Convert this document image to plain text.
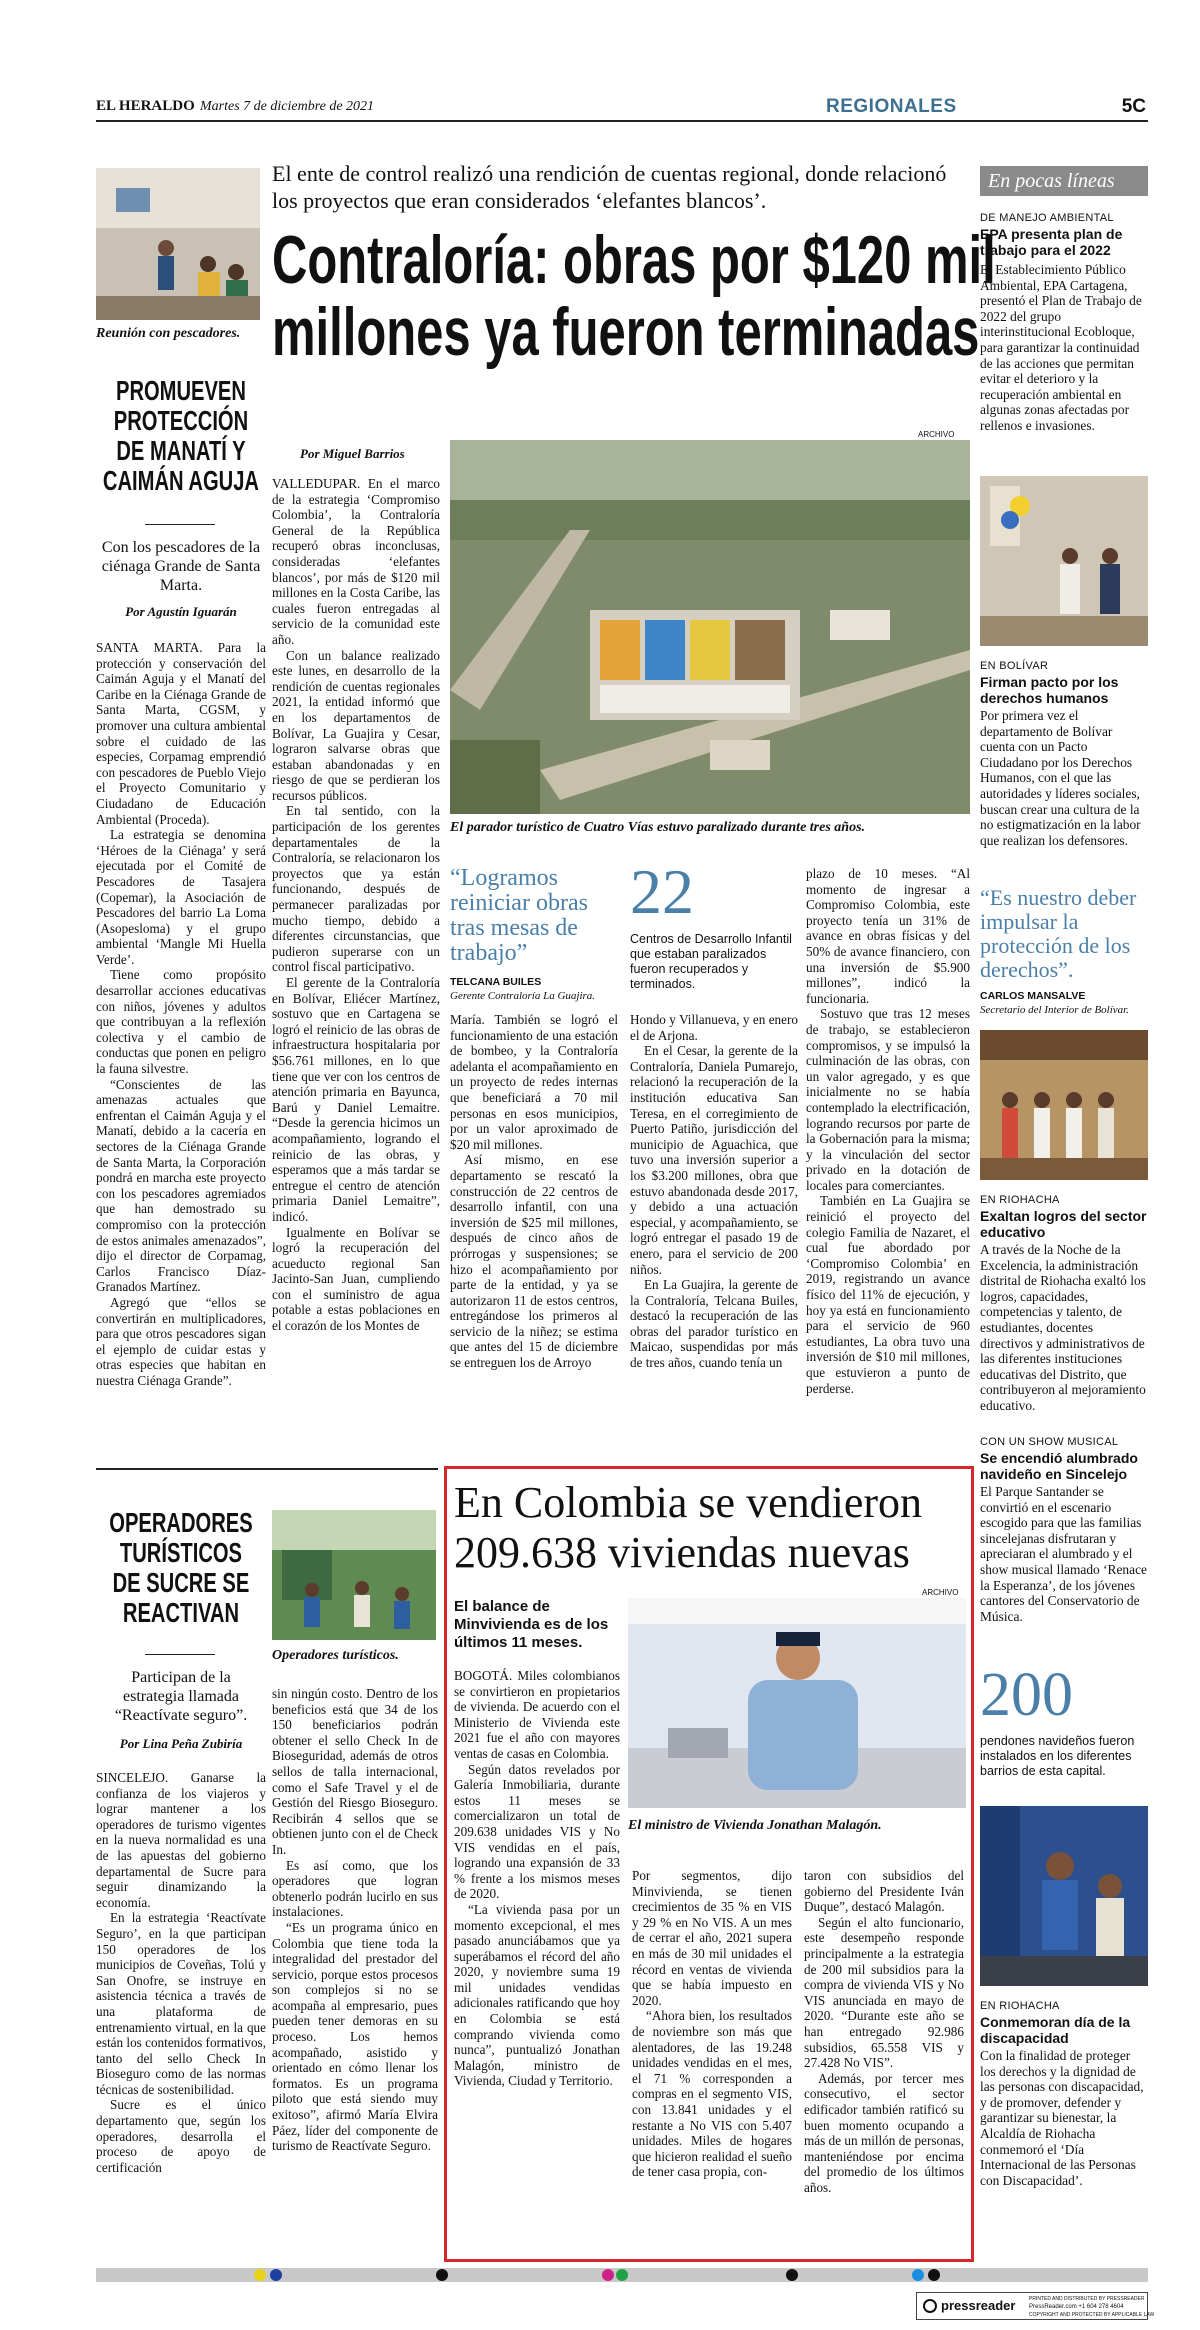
EL HERALDO Martes 7 de diciembre de 2021	REGIONALES	5C
Reunión con pescadores.
PROMUEVEN
PROTECCIÓN
DE MANATÍ Y
CAIMÁN AGUJA
Con los pescadores de la ciénaga Grande de Santa Marta.
Por Agustín Iguarán

SANTA MARTA. Para la protección y conservación del Caimán Aguja y el Manatí del Caribe en la Ciénaga Grande de Santa Marta, CGSM, y promover una cultura ambiental sobre el cuidado de las especies, Corpamag emprendió con pescadores de Pueblo Viejo el Proyecto Comunitario y Ciudadano de Educación Ambiental (Proceda).

La estrategia se denomina ‘Héroes de la Ciénaga’ y será ejecutada por el Comité de Pescadores de Tasajera (Copemar), la Asociación de Pescadores del barrio La Loma (Asopesloma) y el grupo ambiental ‘Mangle Mi Huella Verde’.

Tiene como propósito desarrollar acciones educativas con niños, jóvenes y adultos que contribuyan a la reflexión colectiva y el cambio de conductas que ponen en peligro la fauna silvestre.

“Conscientes de las amenazas actuales que enfrentan el Caimán Aguja y el Manatí, debido a la cacería en sectores de la Ciénaga Grande de Santa Marta, la Corporación pondrá en marcha este proyecto con los pescadores agremiados que han demostrado su compromiso con la protección de estos animales amenazados”, dijo el director de Corpamag, Carlos Francisco Díaz-Granados Martínez.

Agregó que “ellos se convertirán en multiplicadores, para que otros pescadores sigan el ejemplo de cuidar estas y otras especies que habitan en nuestra Ciénaga Grande”.

El ente de control realizó una rendición de cuentas regional, donde relacionó los proyectos que eran considerados ‘elefantes blancos’.
Contraloría: obras por $120 mil
millones ya fueron terminadas
ARCHIVO
Por Miguel Barrios
El parador turístico de Cuatro Vías estuvo paralizado durante tres años.

VALLEDUPAR. En el marco de la estrategia ‘Compromiso Colombia’, la Contraloría General de la República recuperó obras inconclusas, consideradas ‘elefantes blancos’, por más de $120 mil millones en la Costa Caribe, las cuales fueron entregadas al servicio de la comunidad este año.

Con un balance realizado este lunes, en desarrollo de la rendición de cuentas regionales 2021, la entidad informó que en los departamentos de Bolívar, La Guajira y Cesar, lograron salvarse obras que estaban abandonadas y en riesgo de que se perdieran los recursos públicos.

En tal sentido, con la participación de los gerentes departamentales de la Contraloría, se relacionaron los proyectos que ya están funcionando, después de permanecer paralizadas por mucho tiempo, debido a diferentes circunstancias, que pudieron superarse con un control fiscal participativo.

El gerente de la Contraloría en Bolívar, Eliécer Martínez, sostuvo que en Cartagena se logró el reinicio de las obras de infraestructura hospitalaria por $56.761 millones, en lo que tiene que ver con los centros de atención primaria en Bayunca, Barú y Daniel Lemaitre. “Desde la gerencia hicimos un acompañamiento, logrando el reinicio de las obras, y esperamos que a más tardar se entregue el centro de atención primaria Daniel Lemaitre”, indicó.

Igualmente en Bolívar se logró la recuperación del acueducto regional San Jacinto-San Juan, cumpliendo con el suministro de agua potable a estas poblaciones en el corazón de los Montes de

“Logramos reiniciar obras tras mesas de trabajo”
TELCANA BUILES
Gerente Contraloría La Guajira.
22
Centros de Desarrollo Infantil que estaban paralizados fueron recuperados y terminados.

María. También se logró el funcionamiento de una estación de bombeo, y la Contraloría adelanta el acompañamiento en un proyecto de redes internas que beneficiará a 70 mil personas en esos municipios, por un valor aproximado de $20 mil millones.

Así mismo, en ese departamento se rescató la construcción de 22 centros de desarrollo infantil, con una inversión de $25 mil millones, después de cinco años de prórrogas y suspensiones; se hizo el acompañamiento por parte de la entidad, y ya se autorizaron 11 de estos centros, entregándose los primeros al servicio de la niñez; se estima que antes del 15 de diciembre se entreguen los de Arroyo

Hondo y Villanueva, y en enero el de Arjona.

En el Cesar, la gerente de la Contraloría, Daniela Pumarejo, relacionó la recuperación de la institución educativa San Teresa, en el corregimiento de Puerto Patiño, jurisdicción del municipio de Aguachica, que tuvo una inversión superior a los $3.200 millones, obra que estuvo abandonada desde 2017, y debido a una actuación especial, y acompañamiento, se logró entregar el pasado 19 de enero, para el servicio de 200 niños.

En La Guajira, la gerente de la Contraloría, Telcana Builes, destacó la recuperación de las obras del parador turístico en Maicao, suspendidas por más de tres años, cuando tenía un

plazo de 10 meses. “Al momento de ingresar a Compromiso Colombia, este proyecto tenía un 31% de avance en obras físicas y del 50% de avance financiero, con una inversión de $5.900 millones”, indicó la funcionaria.

Sostuvo que tras 12 meses de trabajo, se establecieron compromisos, y se impulsó la culminación de las obras, con un valor agregado, y es que inicialmente no se había contemplado la electrificación, logrando recursos por parte de la Gobernación para la misma; y la vinculación del sector privado en la dotación de locales para comerciantes.

También en La Guajira se reinició el proyecto del colegio Familia de Nazaret, el cual fue abordado por ‘Compromiso Colombia’ en 2019, registrando un avance físico del 11% de ejecución, y hoy ya está en funcionamiento para el servicio de 960 estudiantes, La obra tuvo una inversión de $10 mil millones, que estuvieron a punto de perderse.

OPERADORES
TURÍSTICOS
DE SUCRE SE
REACTIVAN
Participan de la estrategia llamada “Reactívate seguro”.
Por Lina Peña Zubiría
Operadores turísticos.

SINCELEJO. Ganarse la confianza de los viajeros y lograr mantener a los operadores de turismo vigentes en la nueva normalidad es una de las apuestas del gobierno departamental de Sucre para seguir dinamizando la economía.

En la estrategia ‘Reactívate Seguro’, en la que participan 150 operadores de los municipios de Coveñas, Tolú y San Onofre, se instruye en asistencia técnica a través de una plataforma de entrenamiento virtual, en la que están los contenidos formativos, tanto del sello Check In Bioseguro como de las normas técnicas de sostenibilidad.

Sucre es el único departamento que, según los operadores, desarrolla el proceso de apoyo de certificación

sin ningún costo. Dentro de los beneficios está que 34 de los 150 beneficiarios podrán obtener el sello Check In de Bioseguridad, además de otros sellos de talla internacional, como el Safe Travel y el de Gestión del Riesgo Bioseguro. Recibirán 4 sellos que se obtienen junto con el de Check In.

Es así como, que los operadores que logran obtenerlo podrán lucirlo en sus instalaciones.

“Es un programa único en Colombia que tiene toda la integralidad del prestador del servicio, porque estos procesos son complejos si no se acompaña al empresario, pues pueden tener demoras en su proceso. Los hemos acompañado, asistido y orientado en cómo llenar los formatos. Es un programa piloto que está siendo muy exitoso”, afirmó María Elvira Páez, líder del componente de turismo de Reactívate Seguro.

En Colombia se vendieron
209.638 viviendas nuevas
ARCHIVO
El balance de Minvivienda es de los últimos 11 meses.
El ministro de Vivienda Jonathan Malagón.

BOGOTÁ. Miles colombianos se convirtieron en propietarios de vivienda. De acuerdo con el Ministerio de Vivienda este 2021 fue el año con mayores ventas de casas en Colombia.

Según datos revelados por Galería Inmobiliaria, durante estos 11 meses se comercializaron un total de 209.638 unidades VIS y No VIS vendidas en el país, logrando una expansión de 33 % frente a los mismos meses de 2020.

“La vivienda pasa por un momento excepcional, el mes pasado anunciábamos que ya superábamos el récord del año 2020, y noviembre suma 19 mil unidades vendidas adicionales ratificando que hoy en Colombia se está comprando vivienda como nunca”, puntualizó Jonathan Malagón, ministro de Vivienda, Ciudad y Territorio.

Por segmentos, dijo Minvivienda, se tienen crecimientos de 35 % en VIS y 29 % en No VIS. A un mes de cerrar el año, 2021 supera en más de 30 mil unidades el récord en ventas de vivienda que se había impuesto en 2020.

“Ahora bien, los resultados de noviembre son más que alentadores, de las 19.248 unidades vendidas en el mes, el 71 % corresponden a compras en el segmento VIS, con 13.841 unidades y el restante a No VIS con 5.407 unidades. Miles de hogares que hicieron realidad el sueño de tener casa propia, con-

taron con subsidios del gobierno del Presidente Iván Duque”, destacó Malagón.

Según el alto funcionario, este desempeño responde principalmente a la estrategia de 200 mil subsidios para la compra de vivienda VIS y No VIS anunciada en mayo de 2020. “Durante este año se han entregado 92.986 subsidios, 65.558 VIS y 27.428 No VIS”.

Además, por tercer mes consecutivo, el sector edificador también ratificó su buen momento ocupando a más de un millón de personas, manteniéndose por encima del promedio de los últimos años.

En pocas líneas
DE MANEJO AMBIENTAL
EPA presenta plan de trabajo para el 2022
El Establecimiento Público Ambiental, EPA Cartagena, presentó el Plan de Trabajo de 2022 del grupo interinstitucional Ecobloque, para garantizar la continuidad de las acciones que permitan evitar el deterioro y la recuperación ambiental en algunas zonas afectadas por rellenos e invasiones.
EN BOLÍVAR
Firman pacto por los derechos humanos
Por primera vez el departamento de Bolívar cuenta con un Pacto Ciudadano por los Derechos Humanos, con el que las autoridades y líderes sociales, buscan crear una cultura de la no estigmatización en la labor que realizan los defensores.
“Es nuestro deber impulsar la protección de los derechos”.
CARLOS MANSALVE
Secretario del Interior de Bolívar.
EN RIOHACHA
Exaltan logros del sector educativo
A través de la Noche de la Excelencia, la administración distrital de Riohacha exaltó los logros, capacidades, competencias y talento, de estudiantes, docentes directivos y administrativos de las diferentes instituciones educativas del Distrito, que contribuyeron al mejoramiento educativo.
CON UN SHOW MUSICAL
Se encendió alumbrado navideño en Sincelejo
El Parque Santander se convirtió en el escenario escogido para que las familias sincelejanas disfrutaran y apreciaran el alumbrado y el show musical llamado ‘Renace la Esperanza’, de los jóvenes cantores del Conservatorio de Música.
200
pendones navideños fueron instalados en los diferentes barrios de esta capital.
EN RIOHACHA
Conmemoran día de la discapacidad
Con la finalidad de proteger los derechos y la dignidad de las personas con discapacidad, y de promover, defender y garantizar su bienestar, la Alcaldía de Riohacha conmemoró el ‘Día Internacional de las Personas con Discapacidad’.
pressreader	PRINTED AND DISTRIBUTED BY PRESSREADER
PressReader.com +1 604 278 4604
COPYRIGHT AND PROTECTED BY APPLICABLE LAW
